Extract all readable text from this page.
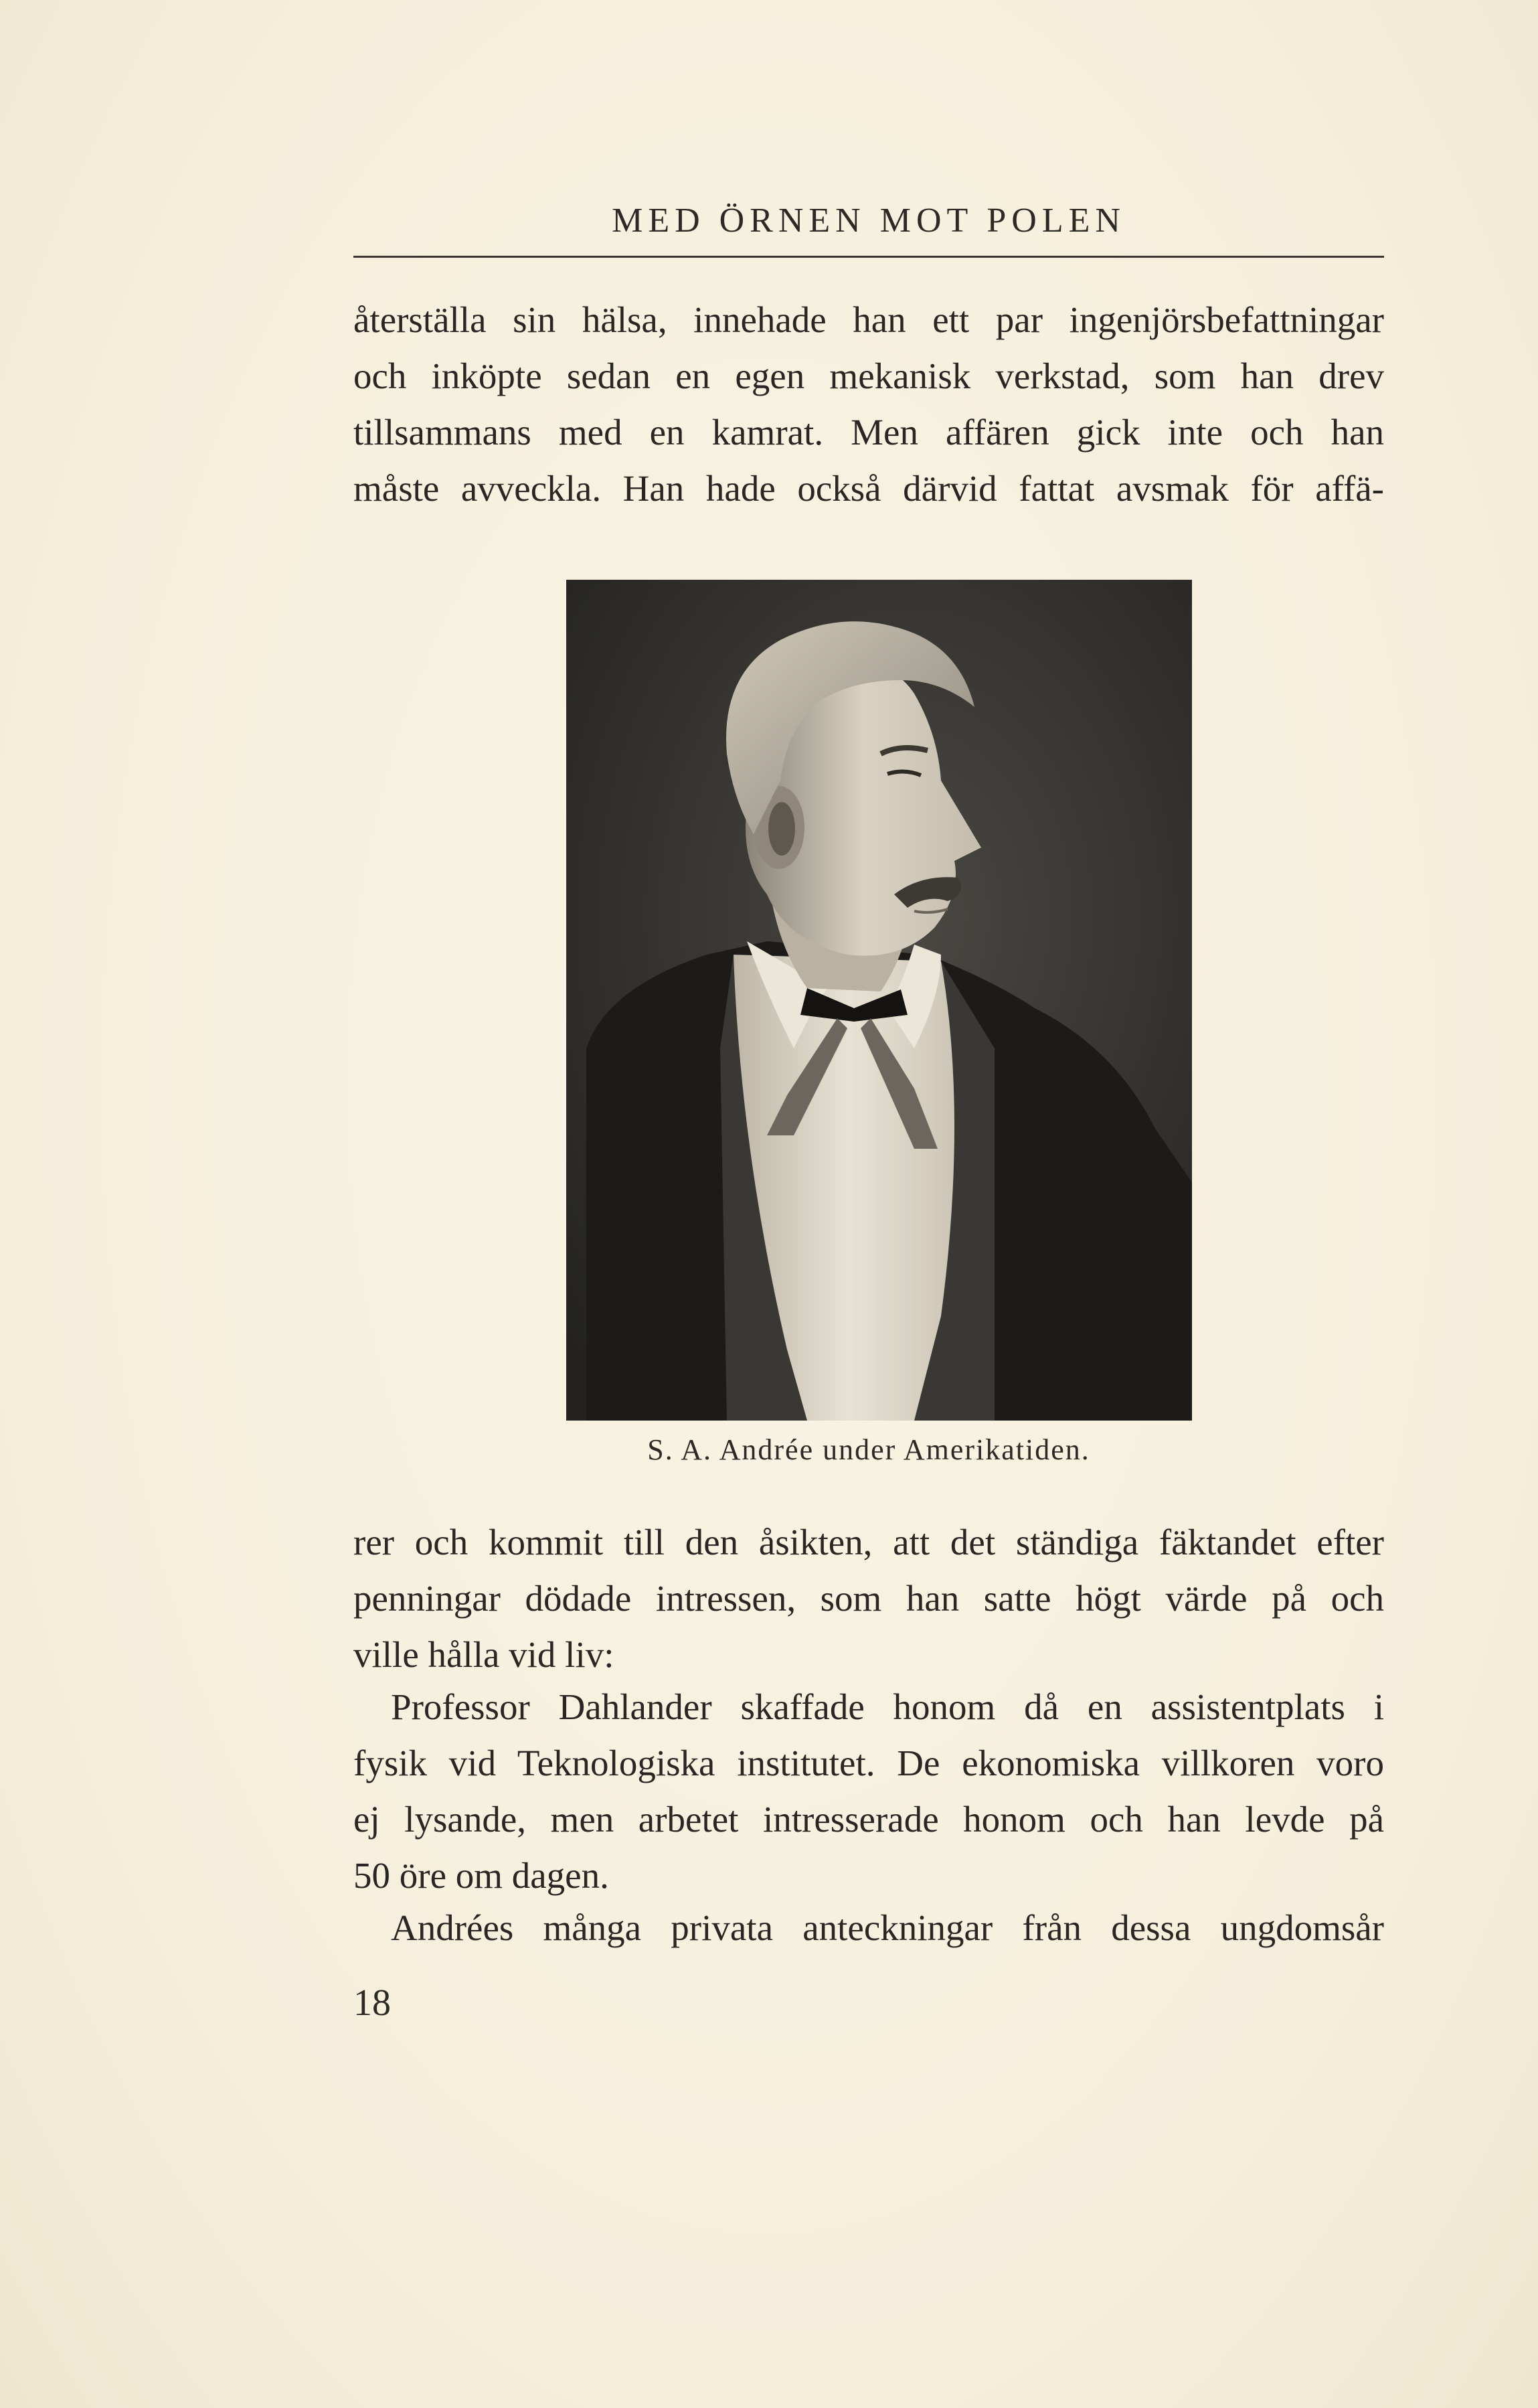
MED ÖRNEN MOT POLEN

återställa sin hälsa, innehade han ett par ingenjörsbefattningar
och inköpte sedan en egen mekanisk verkstad, som han drev
tillsammans med en kamrat. Men affären gick inte och han
måste avveckla. Han hade också därvid fattat avsmak för affä-

S. A. Andrée under Amerikatiden.

rer och kommit till den åsikten, att det ständiga fäktandet efter
penningar dödade intressen, som han satte högt värde på och
ville hålla vid liv:

Professor Dahlander skaffade honom då en assistentplats i
fysik vid Teknologiska institutet. De ekonomiska villkoren voro
ej lysande, men arbetet intresserade honom och han levde på
50 öre om dagen.

Andrées många privata anteckningar från dessa ungdomsår

18
